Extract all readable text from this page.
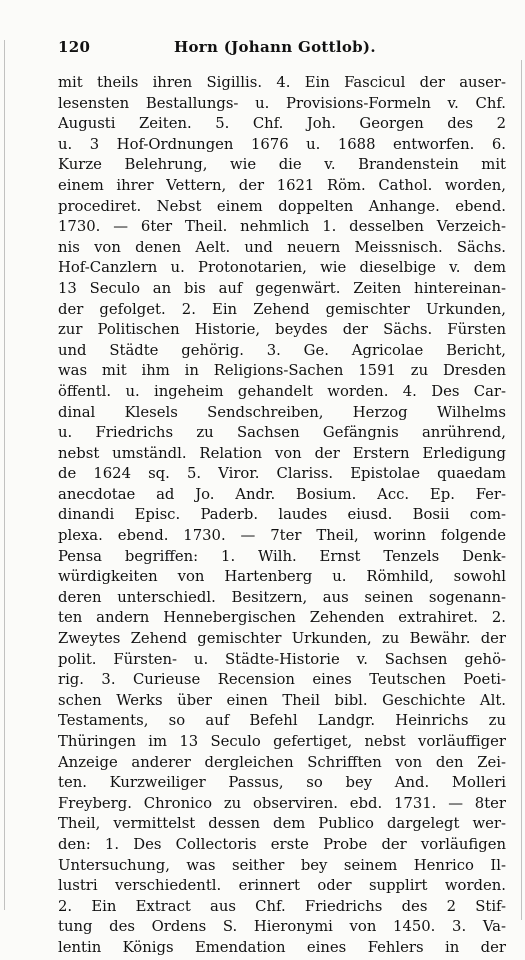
120	Horn (Johann Gottlob).
mit theils ihren Sigillis. 4. Ein Fascicul der auser-
lesensten Bestallungs- u. Provisions-Formeln v. Chf.
Augusti Zeiten. 5. Chf. Joh. Georgen des 2
u. 3 Hof-Ordnungen 1676 u. 1688 entworfen. 6.
Kurze Belehrung, wie die v. Brandenstein mit
einem ihrer Vettern, der 1621 Röm. Cathol. worden,
procediret. Nebst einem doppelten Anhange. ebend.
1730. — 6ter Theil. nehmlich 1. desselben Verzeich-
nis von denen Aelt. und neuern Meissnisch. Sächs.
Hof-Canzlern u. Protonotarien, wie dieselbige v. dem
13 Seculo an bis auf gegenwärt. Zeiten hintereinan-
der gefolget. 2. Ein Zehend gemischter Urkunden,
zur Politischen Historie, beydes der Sächs. Fürsten
und Städte gehörig. 3. Ge. Agricolae Bericht,
was mit ihm in Religions-Sachen 1591 zu Dresden
öffentl. u. ingeheim gehandelt worden. 4. Des Car-
dinal Klesels Sendschreiben, Herzog Wilhelms
u. Friedrichs zu Sachsen Gefängnis anrührend,
nebst umständl. Relation von der Erstern Erledigung
de 1624 sq. 5. Viror. Clariss. Epistolae quaedam
anecdotae ad Jo. Andr. Bosium. Acc. Ep. Fer-
dinandi Episc. Paderb. laudes eiusd. Bosii com-
plexa. ebend. 1730. — 7ter Theil, worinn folgende
Pensa begriffen: 1. Wilh. Ernst Tenzels Denk-
würdigkeiten von Hartenberg u. Römhild, sowohl
deren unterschiedl. Besitzern, aus seinen sogenann-
ten andern Hennebergischen Zehenden extrahiret. 2.
Zweytes Zehend gemischter Urkunden, zu Bewähr. der
polit. Fürsten- u. Städte-Historie v. Sachsen gehö-
rig. 3. Curieuse Recension eines Teutschen Poeti-
schen Werks über einen Theil bibl. Geschichte Alt.
Testaments, so auf Befehl Landgr. Heinrichs zu
Thüringen im 13 Seculo gefertiget, nebst vorläuffiger
Anzeige anderer dergleichen Schrifften von den Zei-
ten. Kurzweiliger Passus, so bey And. Molleri
Freyberg. Chronico zu observiren. ebd. 1731. — 8ter
Theil, vermittelst dessen dem Publico dargelegt wer-
den: 1. Des Collectoris erste Probe der vorläufigen
Untersuchung, was seither bey seinem Henrico Il-
lustri verschiedentl. erinnert oder supplirt worden.
2. Ein Extract aus Chf. Friedrichs des 2 Stif-
tung des Ordens S. Hieronymi von 1450. 3. Va-
lentin Königs Emendation eines Fehlers in der
